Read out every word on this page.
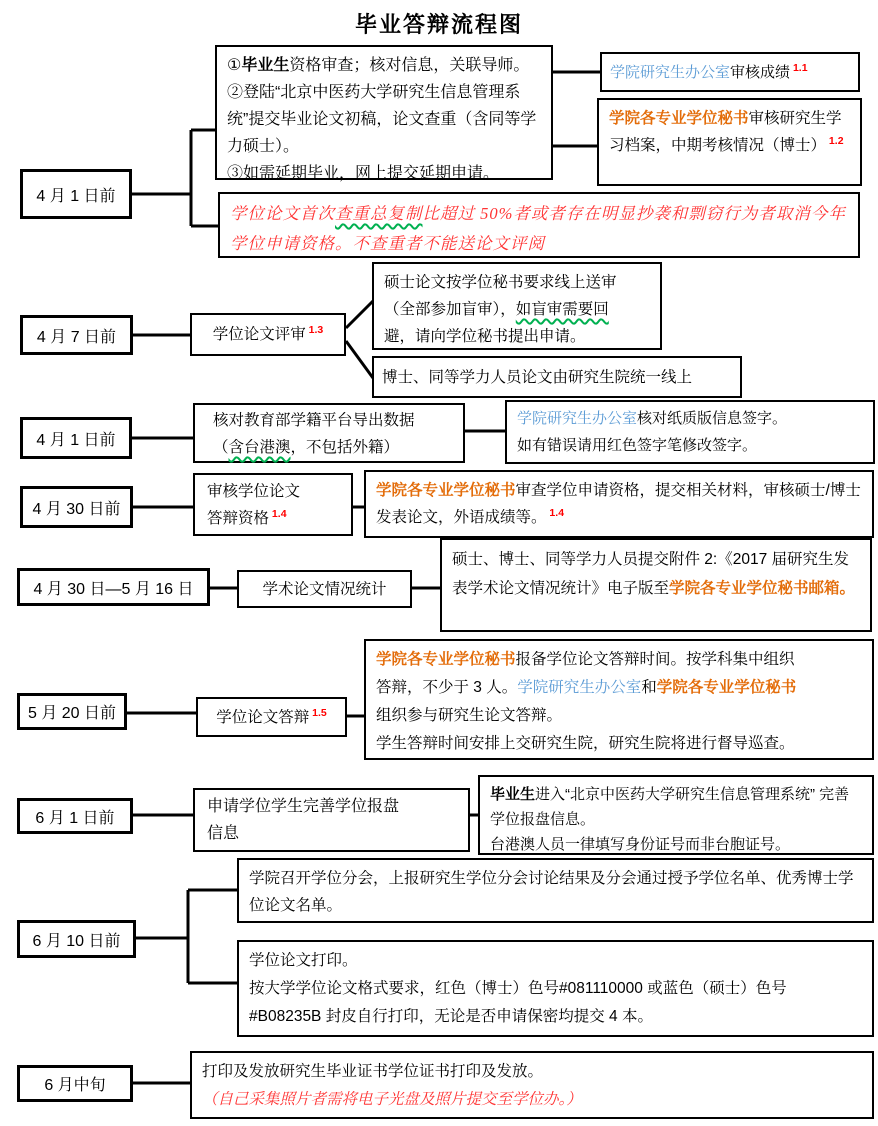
毕业答辩流程图
4 月 1 日前
①毕业生资格审查；核对信息，关联导师。②登陆“北京中医药大学研究生信息管理系统”提交毕业论文初稿，论文查重（含同等学力硕士）。
③如需延期毕业，网上提交延期申请。
学院研究生办公室审核成绩 $^{1.1}$
学院各专业学位秘书审核研究生学习档案，中期考核情况（博士） $^{1.2}$
学位论文首次查重总复制比超过 50%者或者存在明显抄袭和剽窃行为者取消今年学位申请资格。不查重者不能送论文评阅
4 月 7 日前	学位论文评审 $^{1.3}$
硕士论文按学位秘书要求线上送审
（全部参加盲审），如盲审需要回
避，请向学位秘书提出申请。
博士、同等学力人员论文由研究生院统一线上
4 月 1 日前
核对教育部学籍平台导出数据
（含台港澳，不包括外籍）
学院研究生办公室核对纸质版信息签字。
如有错误请用红色签字笔修改签字。
4 月 30 日前
审核学位论文
答辩资格 $^{1.4}$
学院各专业学位秘书审查学位申请资格，提交相关材料，审核硕士/博士发表论文，外语成绩等。 $^{1.4}$
4 月 30 日—5 月 16 日	学术论文情况统计
硕士、博士、同等学力人员提交附件 2:《2017 届研究生发表学术论文情况统计》电子版至学院各专业学位秘书邮箱。
5 月 20 日前	学位论文答辩 $^{1.5}$
学院各专业学位秘书报备学位论文答辩时间。按学科集中组织
答辩，不少于 3 人。学院研究生办公室和学院各专业学位秘书
组织参与研究生论文答辩。
学生答辩时间安排上交研究生院，研究生院将进行督导巡查。
6 月 1 日前
申请学位学生完善学位报盘
信息
毕业生进入“北京中医药大学研究生信息管理系统” 完善学位报盘信息。
台港澳人员一律填写身份证号而非台胞证号。
6 月 10 日前
学院召开学位分会，上报研究生学位分会讨论结果及分会通过授予学位名单、优秀博士学位论文名单。
学位论文打印。
按大学学位论文格式要求，红色（博士）色号#081110000 或蓝色（硕士）色号
#B08235B 封皮自行打印，无论是否申请保密均提交 4 本。
6 月中旬
打印及发放研究生毕业证书学位证书打印及发放。
（自己采集照片者需将电子光盘及照片提交至学位办。）
